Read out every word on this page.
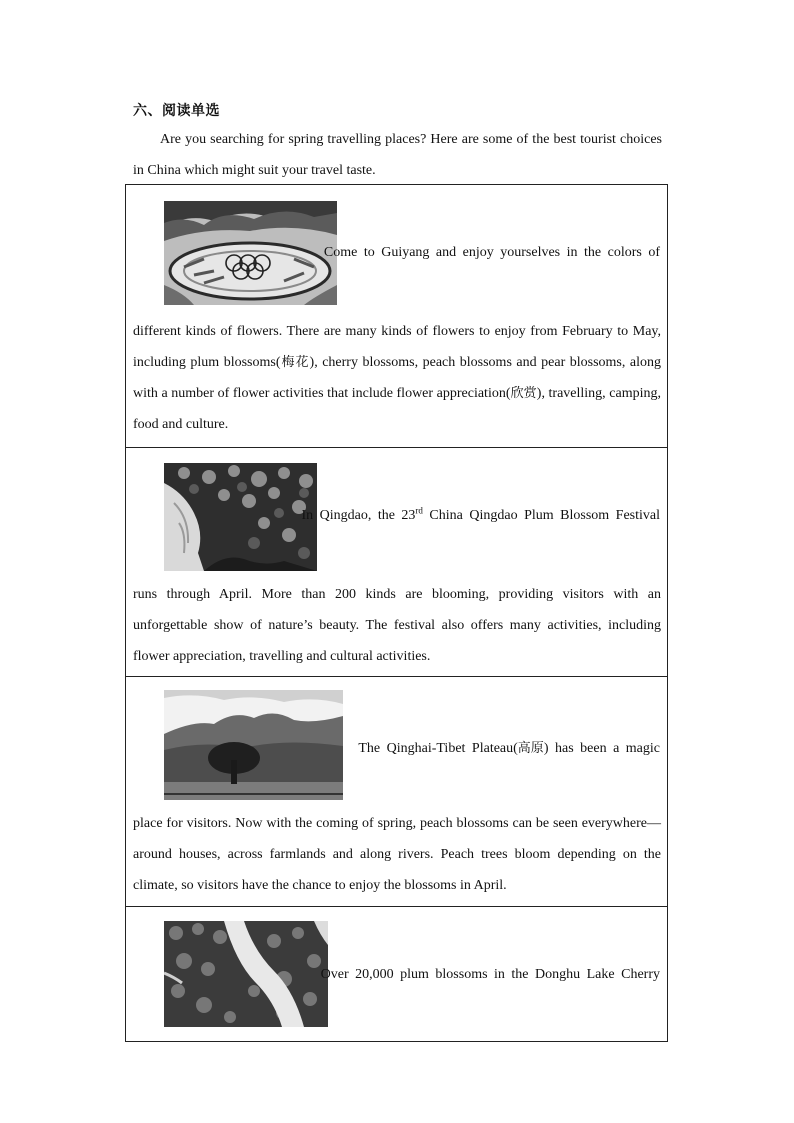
六、阅读单选
Are you searching for spring travelling places? Here are some of the best tourist choices in China which might suit your travel taste.
Come to Guiyang and enjoy yourselves in the colors of
different kinds of flowers. There are many kinds of flowers to enjoy from February to May, including plum blossoms(梅花), cherry blossoms, peach blossoms and pear blossoms, along with a number of flower activities that include flower appreciation(欣赏), travelling, camping, food and culture.
In Qingdao, the 23rd China Qingdao Plum Blossom Festival
runs through April. More than 200 kinds are blooming, providing visitors with an unforgettable show of nature’s beauty. The festival also offers many activities, including flower appreciation, travelling and cultural activities.
The Qinghai-Tibet Plateau(高原) has been a magic
place for visitors. Now with the coming of spring, peach blossoms can be seen everywhere—around houses, across farmlands and along rivers. Peach trees bloom depending on the climate, so visitors have the chance to enjoy the blossoms in April.
Over 20,000 plum blossoms in the Donghu Lake Cherry
